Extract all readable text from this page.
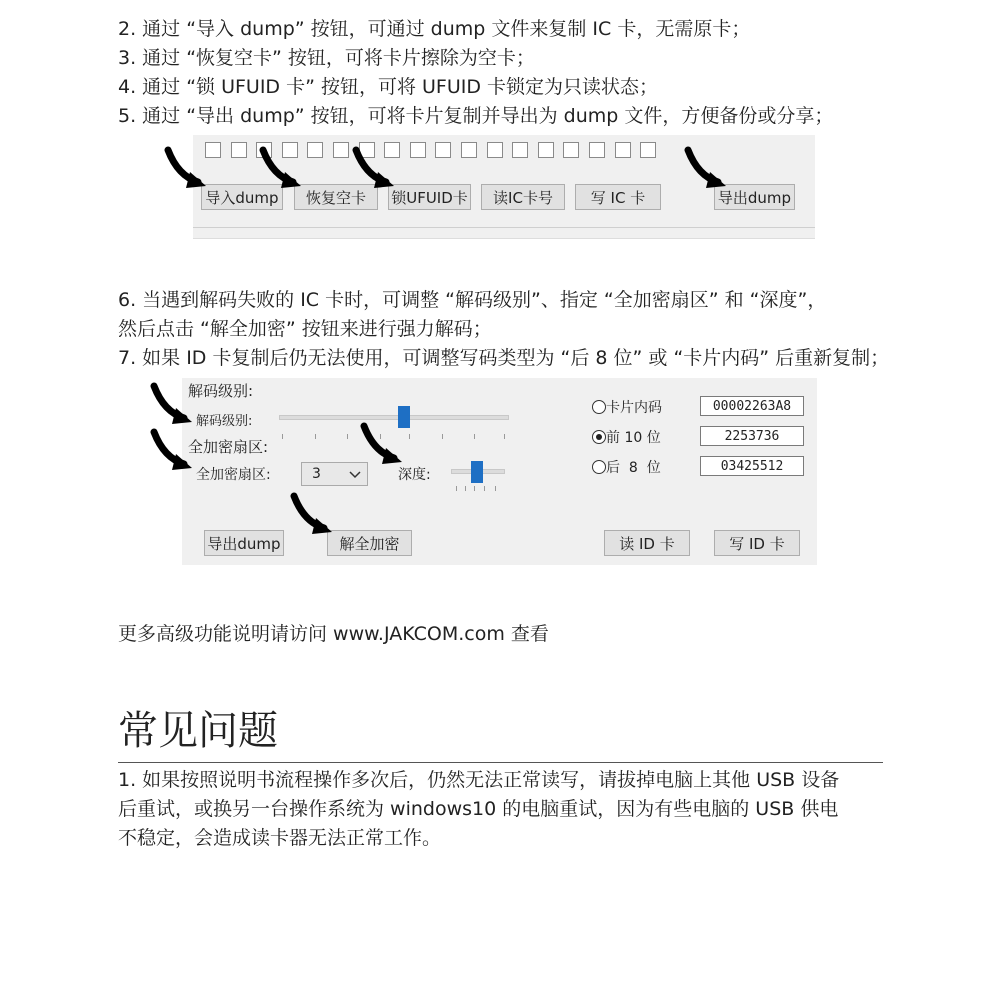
2. 通过 “导入 dump” 按钮，可通过 dump 文件来复制 IC 卡，无需原卡；
3. 通过 “恢复空卡” 按钮，可将卡片擦除为空卡；
4. 通过 “锁 UFUID 卡” 按钮，可将 UFUID 卡锁定为只读状态；
5. 通过 “导出 dump” 按钮，可将卡片复制并导出为 dump 文件，方便备份或分享；
导入dump	恢复空卡	锁UFUID卡	读IC卡号	写 IC 卡	导出dump
6. 当遇到解码失败的 IC 卡时，可调整 “解码级别”、指定 “全加密扇区” 和 “深度”，
然后点击 “解全加密” 按钮来进行强力解码；
7. 如果 ID 卡复制后仍无法使用，可调整写码类型为 “后 8 位” 或 “卡片内码” 后重新复制；
解码级别:
解码级别:
全加密扇区:
全加密扇区:	3	深度:
卡片内码	00002263A8
前 10 位	2253736
后  8  位	03425512
导出dump	解全加密	读 ID 卡	写 ID 卡
更多高级功能说明请访问 www.JAKCOM.com 查看
常见问题
1. 如果按照说明书流程操作多次后，仍然无法正常读写，请拔掉电脑上其他 USB 设备
后重试，或换另一台操作系统为 windows10 的电脑重试，因为有些电脑的 USB 供电
不稳定，会造成读卡器无法正常工作。
